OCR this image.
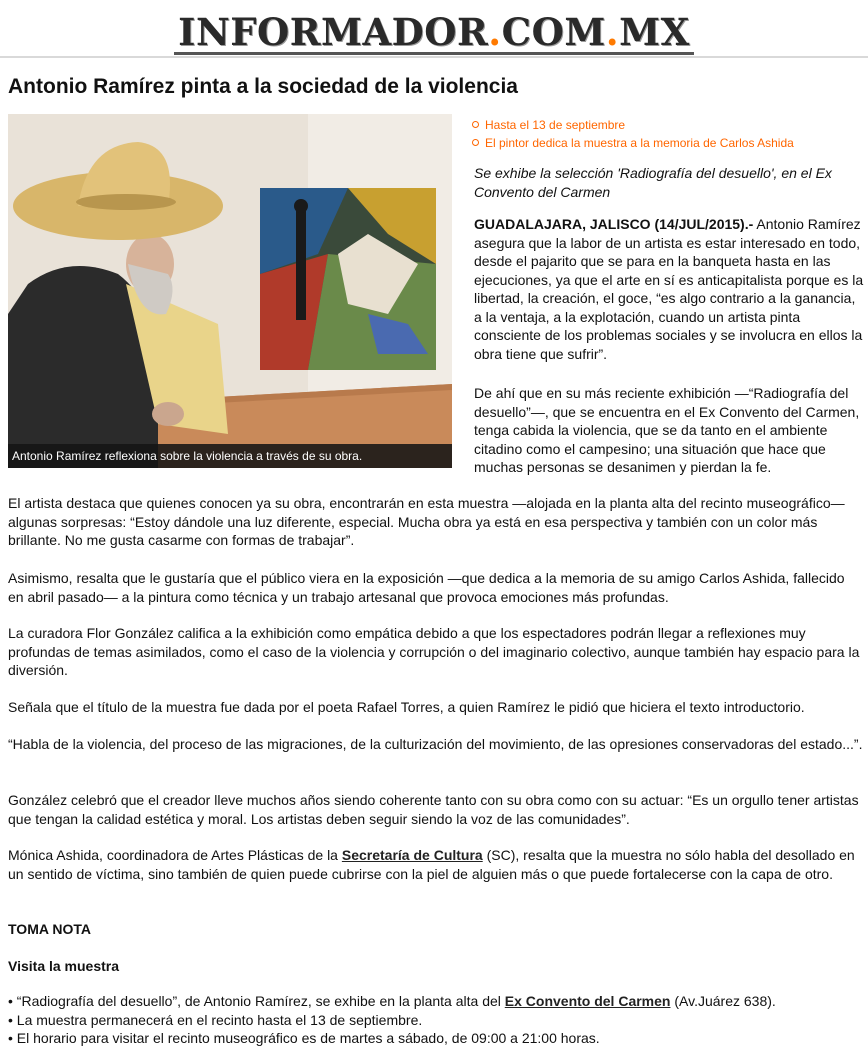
INFORMADOR.COM.MX
Antonio Ramírez pinta a la sociedad de la violencia
Antonio Ramírez reflexiona sobre la violencia a través de su obra.
Hasta el 13 de septiembre
El pintor dedica la muestra a la memoria de Carlos Ashida

Se exhibe la selección 'Radiografía del desuello', en el Ex Convento del Carmen

GUADALAJARA, JALISCO (14/JUL/2015).- Antonio Ramírez asegura que la labor de un artista es estar interesado en todo, desde el pajarito que se para en la banqueta hasta en las ejecuciones, ya que el arte en sí es anticapitalista porque es la libertad, la creación, el goce, “es algo contrario a la ganancia, a la ventaja, a la explotación, cuando un artista pinta consciente de los problemas sociales y se involucra en ellos la obra tiene que sufrir”.

De ahí que en su más reciente exhibición —“Radiografía del desuello”—, que se encuentra en el Ex Convento del Carmen, tenga cabida la violencia, que se da tanto en el ambiente citadino como el campesino; una situación que hace que muchas personas se desanimen y pierdan la fe.

El artista destaca que quienes conocen ya su obra, encontrarán en esta muestra —alojada en la planta alta del recinto museográfico— algunas sorpresas: “Estoy dándole una luz diferente, especial. Mucha obra ya está en esa perspectiva y también con un color más brillante. No me gusta casarme con formas de trabajar”.

Asimismo, resalta que le gustaría que el público viera en la exposición —que dedica a la memoria de su amigo Carlos Ashida, fallecido en abril pasado— a la pintura como técnica y un trabajo artesanal que provoca emociones más profundas.

La curadora Flor González califica a la exhibición como empática debido a que los espectadores podrán llegar a reflexiones muy profundas de temas asimilados, como el caso de la violencia y corrupción o del imaginario colectivo, aunque también hay espacio para la diversión.

Señala que el título de la muestra fue dada por el poeta Rafael Torres, a quien Ramírez le pidió que hiciera el texto introductorio.

“Habla de la violencia, del proceso de las migraciones, de la culturización del movimiento, de las opresiones conservadoras del estado...”.

González celebró que el creador lleve muchos años siendo coherente tanto con su obra como con su actuar: “Es un orgullo tener artistas que tengan la calidad estética y moral. Los artistas deben seguir siendo la voz de las comunidades”.

Mónica Ashida, coordinadora de Artes Plásticas de la Secretaría de Cultura (SC), resalta que la muestra no sólo habla del desollado en un sentido de víctima, sino también de quien puede cubrirse con la piel de alguien más o que puede fortalecerse con la capa de otro.

TOMA NOTA
Visita la muestra
• “Radiografía del desuello”, de Antonio Ramírez, se exhibe en la planta alta del Ex Convento del Carmen (Av.Juárez 638).
• La muestra permanecerá en el recinto hasta el 13 de septiembre.
• El horario para visitar el recinto museográfico es de martes a sábado, de 09:00 a 21:00 horas.
